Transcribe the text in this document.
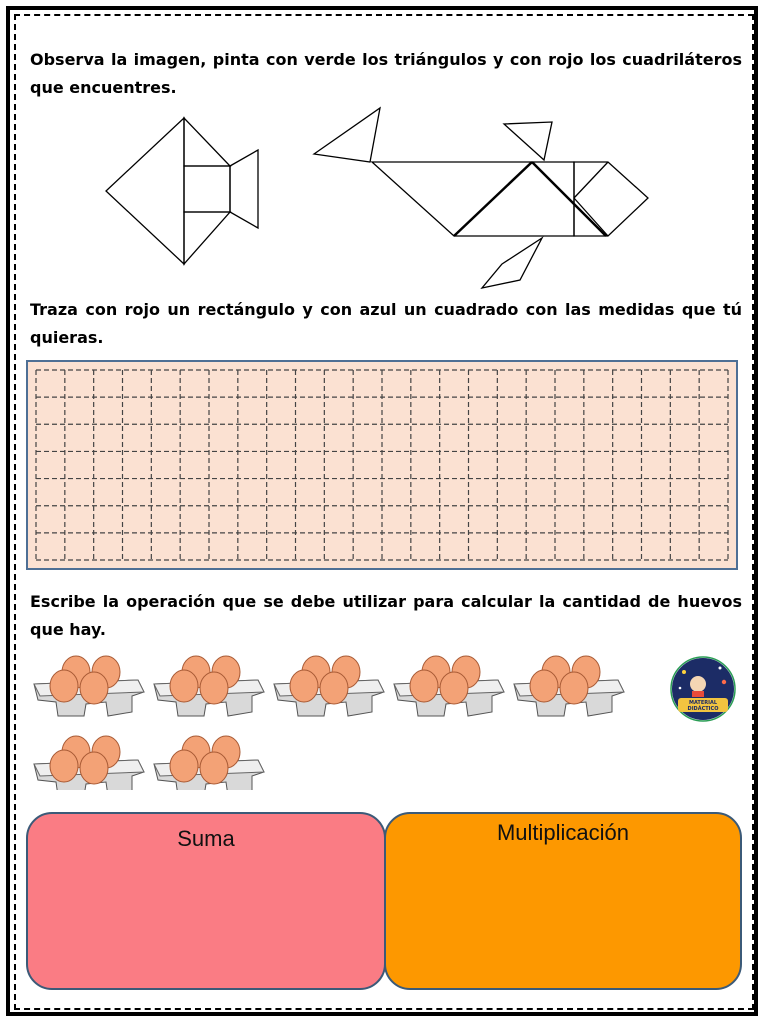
Observa la imagen, pinta con verde los triángulos y con rojo los cuadriláteros que encuentres.

Traza con rojo un rectángulo y con azul un cuadrado con las medidas que tú quieras.

Escribe la operación que se debe utilizar para calcular la cantidad de huevos que hay.

MATERIAL
DIDÁCTICO
Suma	Multiplicación
